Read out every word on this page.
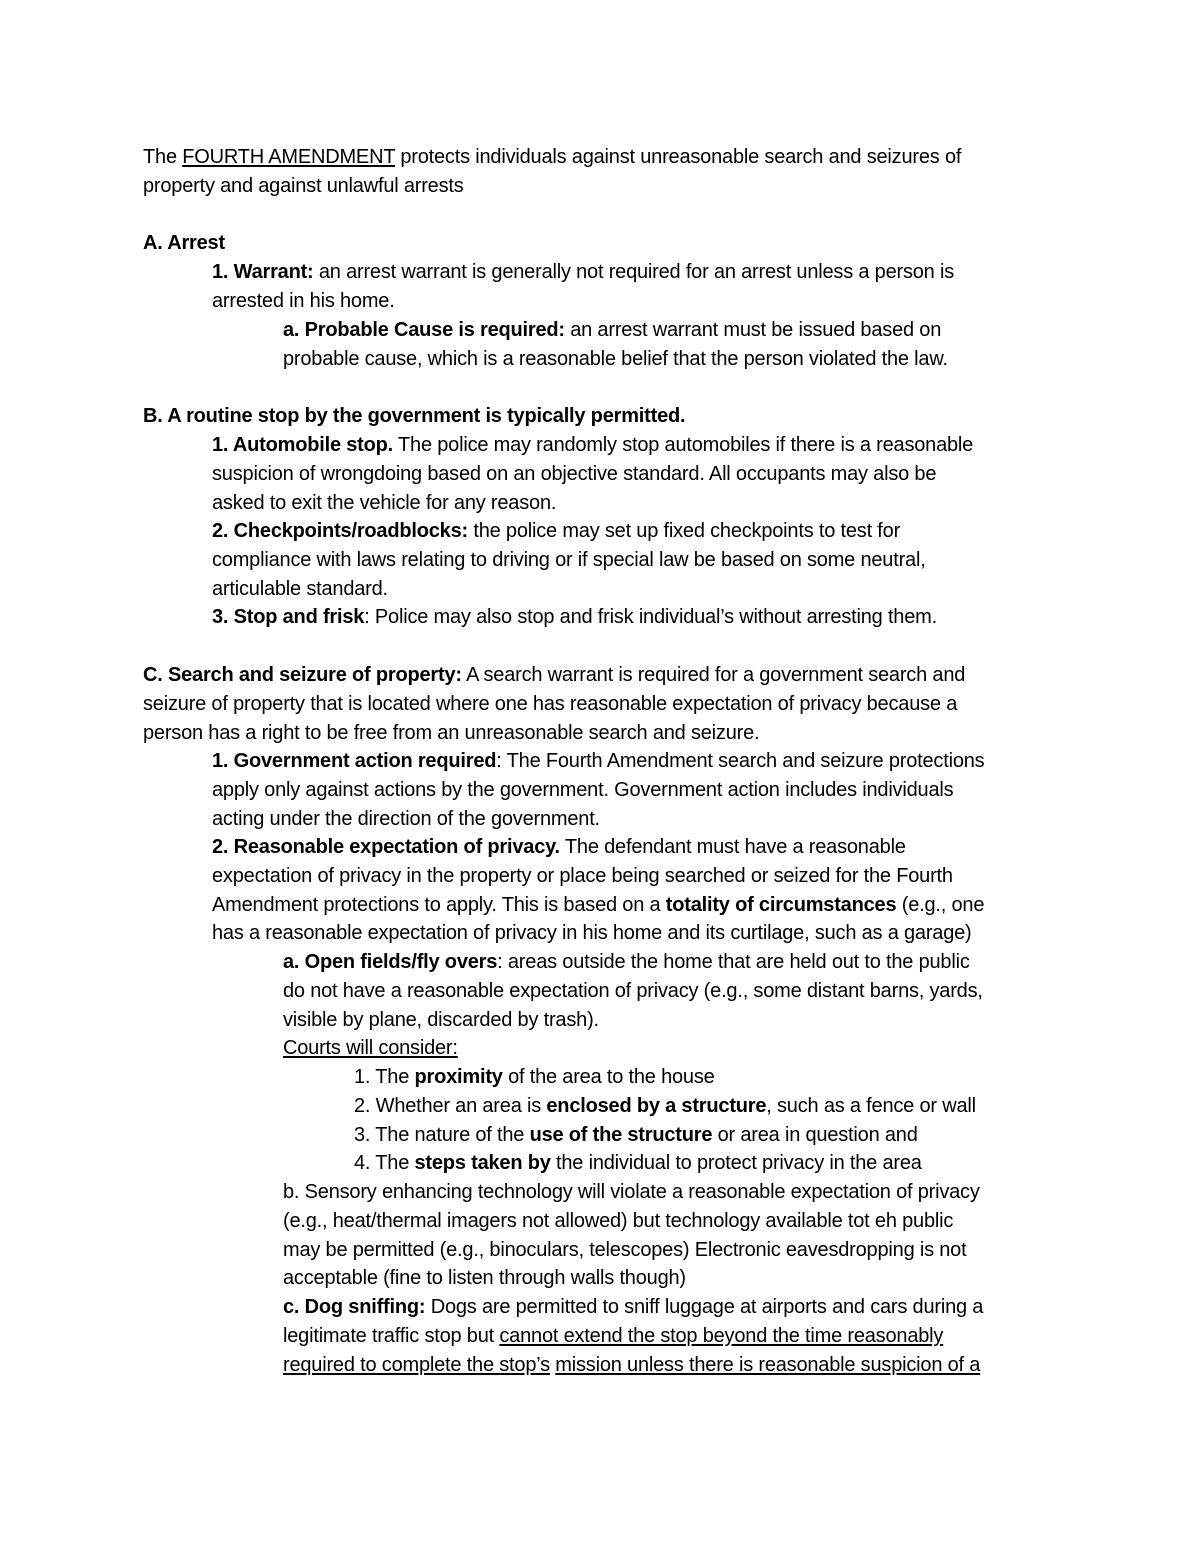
The FOURTH AMENDMENT protects individuals against unreasonable search and seizures of
property and against unlawful arrests
A. Arrest
1. Warrant: an arrest warrant is generally not required for an arrest unless a person is
arrested in his home.
a. Probable Cause is required: an arrest warrant must be issued based on
probable cause, which is a reasonable belief that the person violated the law.
B. A routine stop by the government is typically permitted.
1. Automobile stop. The police may randomly stop automobiles if there is a reasonable
suspicion of wrongdoing based on an objective standard. All occupants may also be
asked to exit the vehicle for any reason.
2. Checkpoints/roadblocks: the police may set up fixed checkpoints to test for
compliance with laws relating to driving or if special law be based on some neutral,
articulable standard.
3. Stop and frisk: Police may also stop and frisk individual’s without arresting them.
C. Search and seizure of property: A search warrant is required for a government search and
seizure of property that is located where one has reasonable expectation of privacy because a
person has a right to be free from an unreasonable search and seizure.
1. Government action required: The Fourth Amendment search and seizure protections
apply only against actions by the government. Government action includes individuals
acting under the direction of the government.
2. Reasonable expectation of privacy. The defendant must have a reasonable
expectation of privacy in the property or place being searched or seized for the Fourth
Amendment protections to apply. This is based on a totality of circumstances (e.g., one
has a reasonable expectation of privacy in his home and its curtilage, such as a garage)
a. Open fields/fly overs: areas outside the home that are held out to the public
do not have a reasonable expectation of privacy (e.g., some distant barns, yards,
visible by plane, discarded by trash).
Courts will consider:
1. The proximity of the area to the house
2. Whether an area is enclosed by a structure, such as a fence or wall
3. The nature of the use of the structure or area in question and
4. The steps taken by the individual to protect privacy in the area
b. Sensory enhancing technology will violate a reasonable expectation of privacy
(e.g., heat/thermal imagers not allowed) but technology available tot eh public
may be permitted (e.g., binoculars, telescopes) Electronic eavesdropping is not
acceptable (fine to listen through walls though)
c. Dog sniffing: Dogs are permitted to sniff luggage at airports and cars during a
legitimate traffic stop but cannot extend the stop beyond the time reasonably
required to complete the stop’s mission unless there is reasonable suspicion of a
